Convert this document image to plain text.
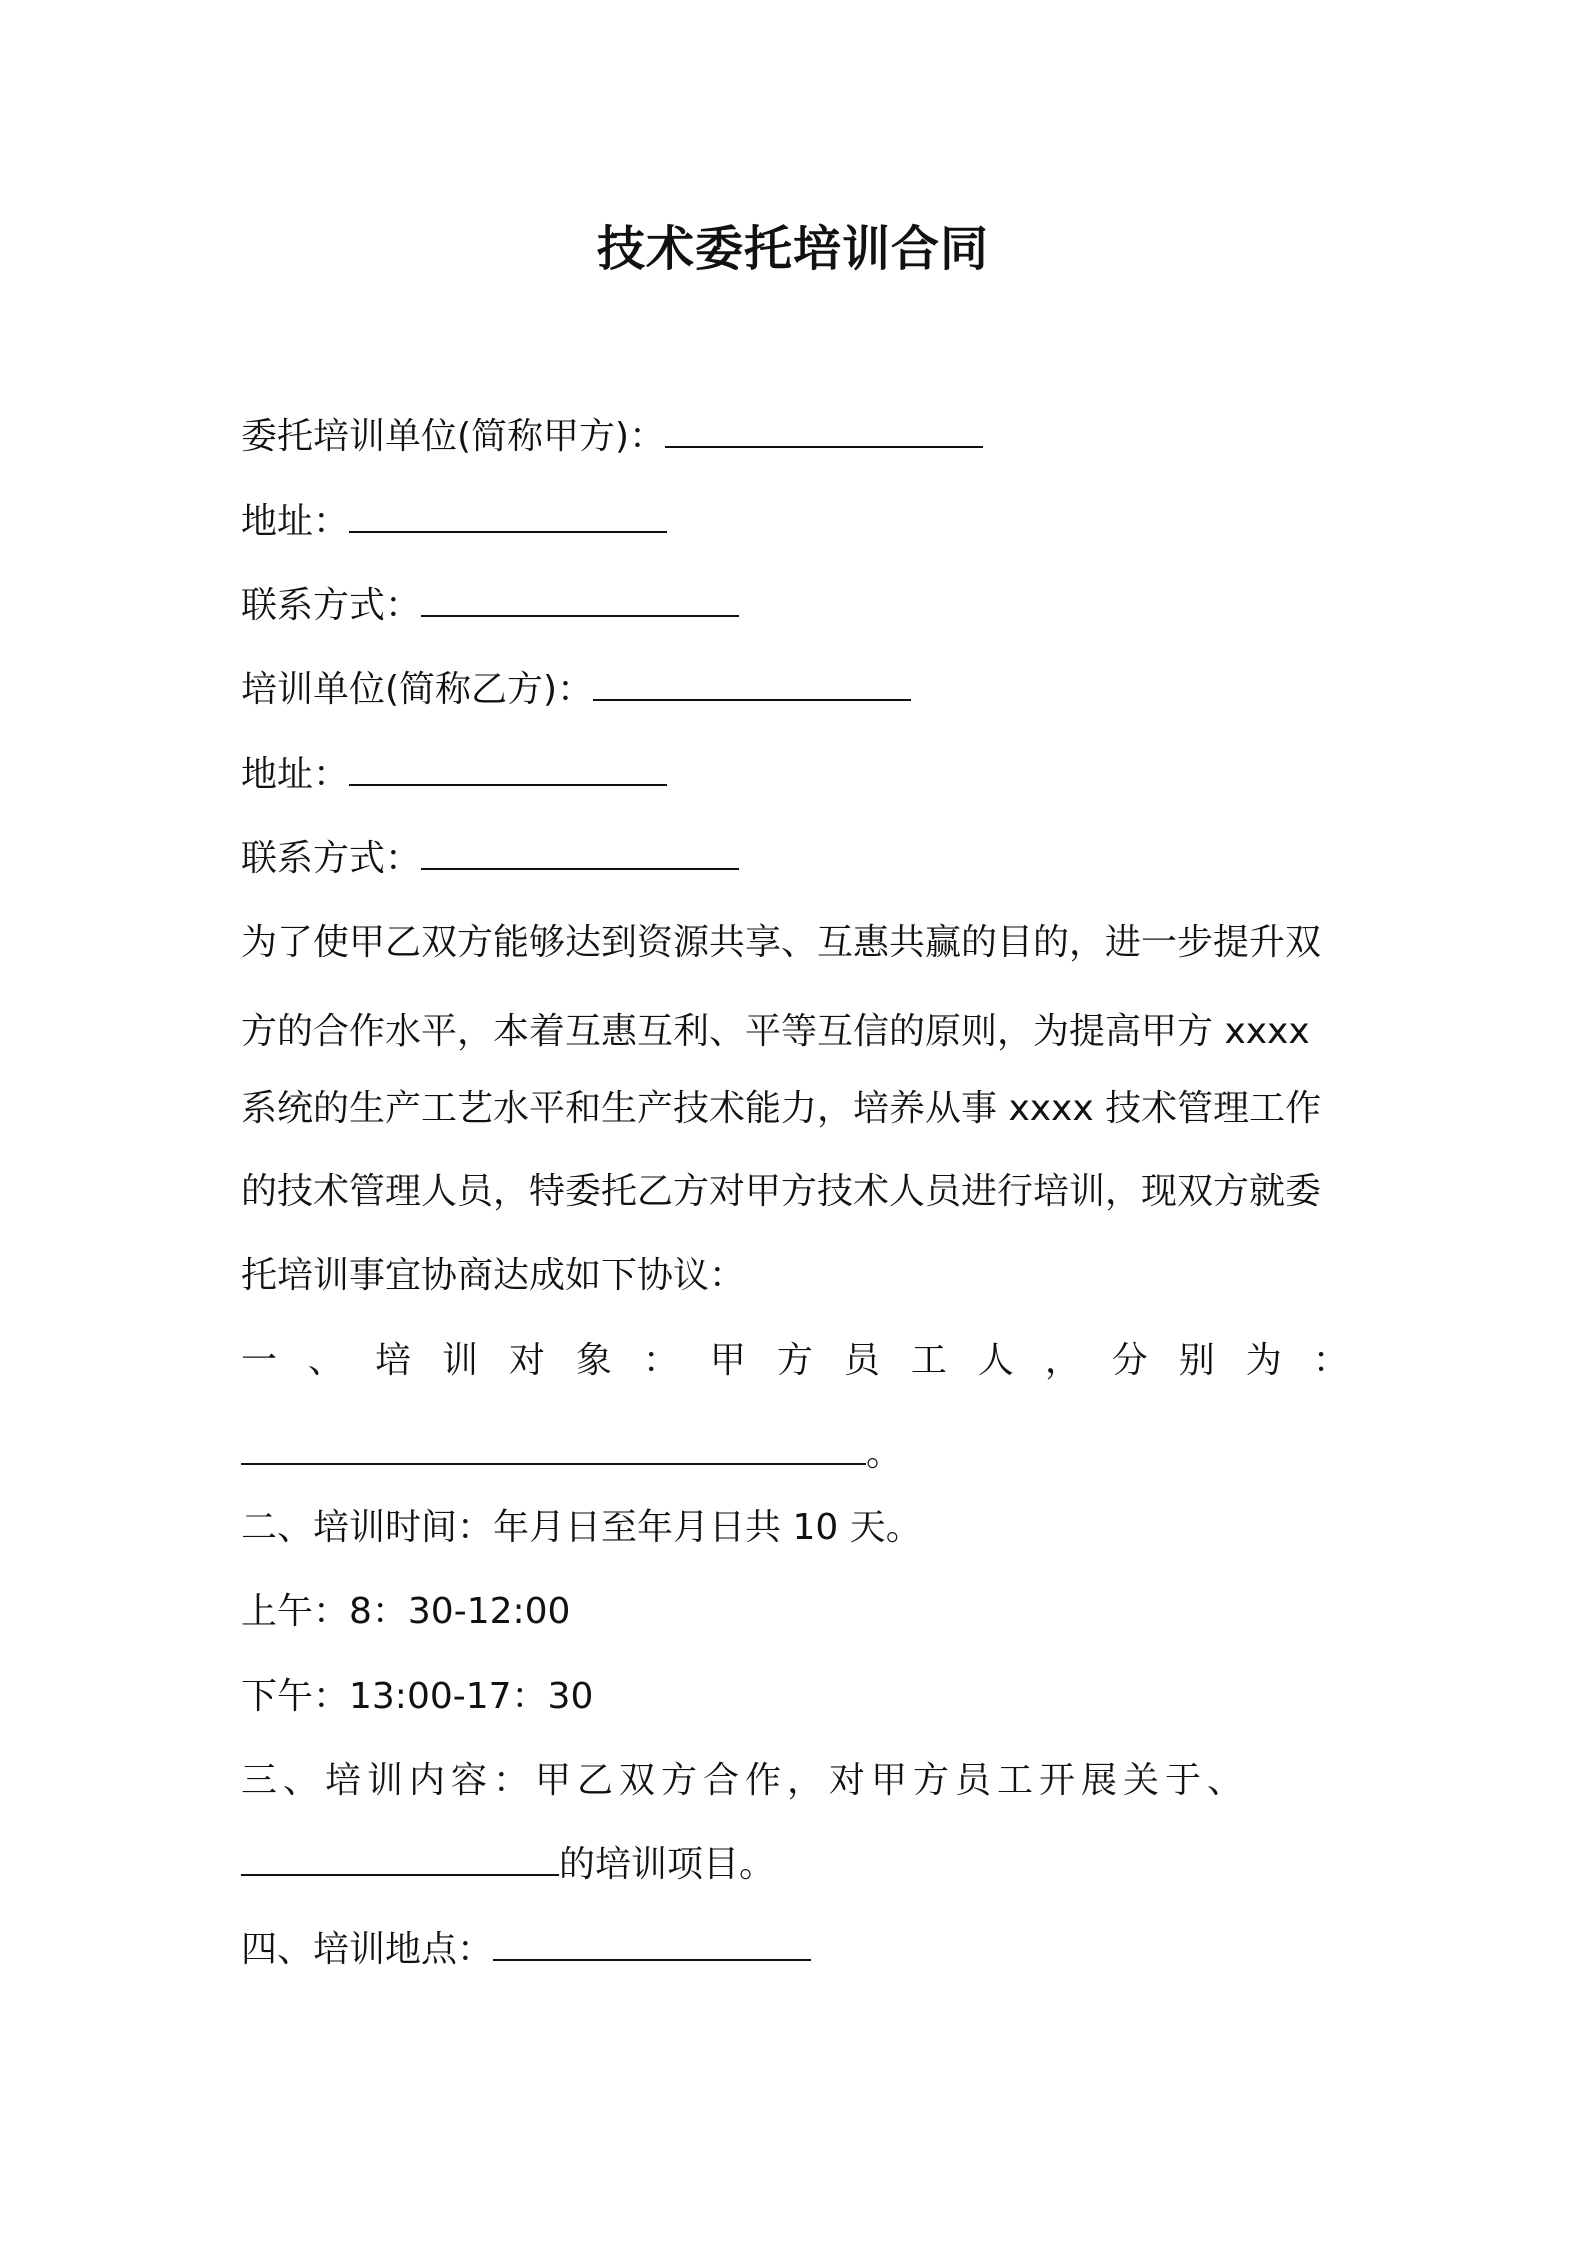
技术委托培训合同
委托培训单位(简称甲方)：
地址：
联系方式：
培训单位(简称乙方)：
地址：
联系方式：
为了使甲乙双方能够达到资源共享、互惠共赢的目的，进一步提升双
方的合作水平，本着互惠互利、平等互信的原则，为提高甲方 xxxx
系统的生产工艺水平和生产技术能力，培养从事 xxxx 技术管理工作
的技术管理人员，特委托乙方对甲方技术人员进行培训，现双方就委
托培训事宜协商达成如下协议：
一 、 培 训 对 象 ： 甲 方 员 工 人 ， 分 别 为 ：
。
二、培训时间：年月日至年月日共 10 天。
上午：8：30-12:00
下午：13:00-17：30
三、培训内容：甲乙双方合作，对甲方员工开展关于、
的培训项目。
四、培训地点：
